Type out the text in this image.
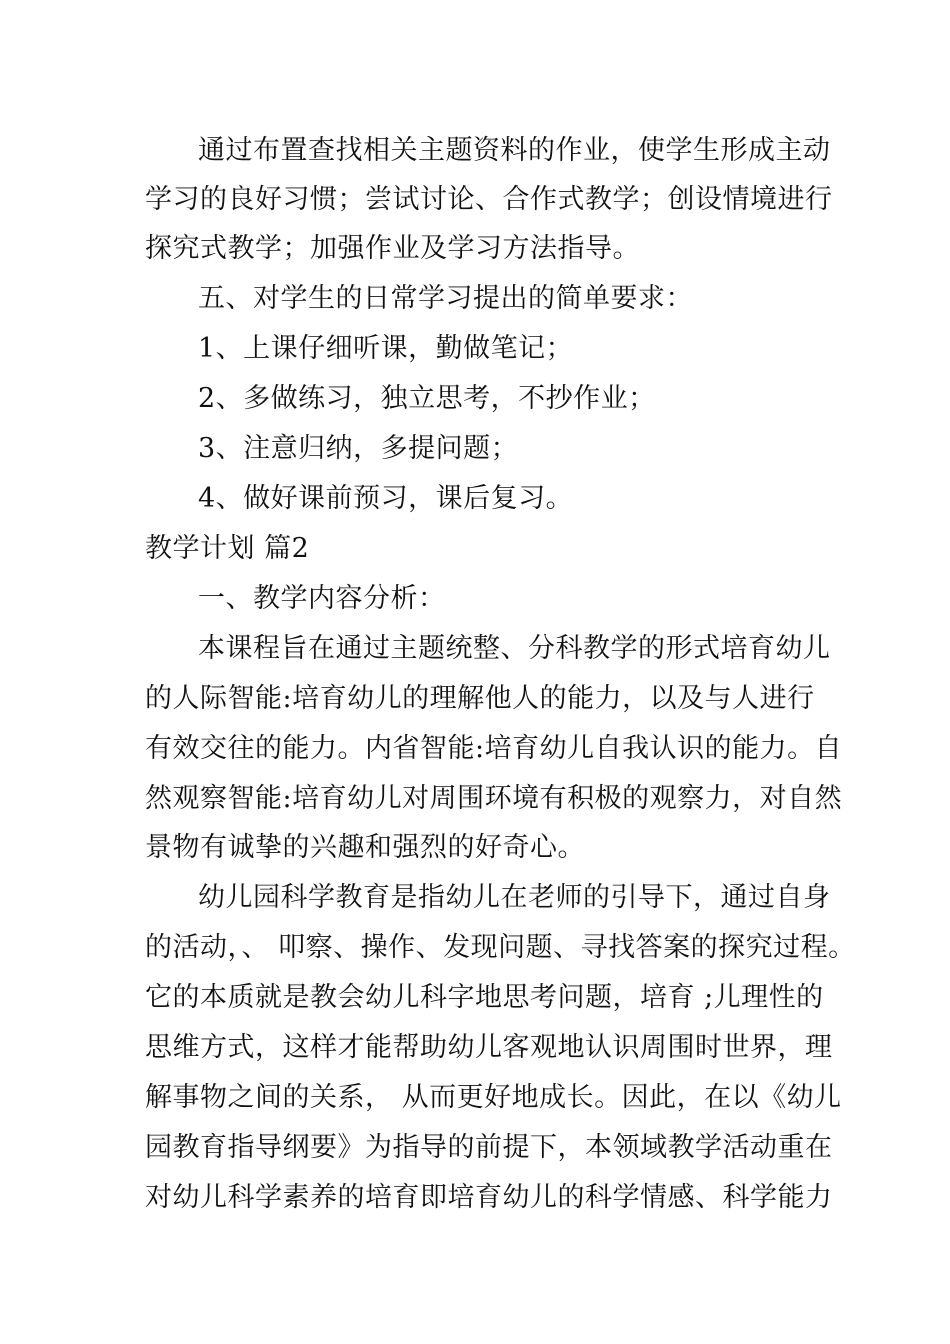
通过布置查找相关主题资料的作业，使学生形成主动

学习的良好习惯；尝试讨论、合作式教学；创设情境进行

探究式教学；加强作业及学习方法指导。

五、对学生的日常学习提出的简单要求：

1、上课仔细听课，勤做笔记；

2、多做练习，独立思考，不抄作业；

3、注意归纳，多提问题；

4、做好课前预习，课后复习。

教学计划 篇2

一、教学内容分析：

本课程旨在通过主题统整、分科教学的形式培育幼儿

的人际智能:培育幼儿的理解他人的能力，以及与人进行

有效交往的能力。内省智能:培育幼儿自我认识的能力。自

然观察智能:培育幼儿对周围环境有积极的观察力，对自然

景物有诚挚的兴趣和强烈的好奇心。

幼儿园科学教育是指幼儿在老师的引导下，通过自身

的活动，、 叩察、操作、发现问题、寻找答案的探究过程。

它的本质就是教会幼儿科字地思考问题，培育 ;儿理性的

思维方式，这样才能帮助幼儿客观地认识周围时世界，理

解事物之间的关系， 从而更好地成长。因此，在以《幼儿

园教育指导纲要》为指导的前提下，本领域教学活动重在

对幼儿科学素养的培育即培育幼儿的科学情感、科学能力
